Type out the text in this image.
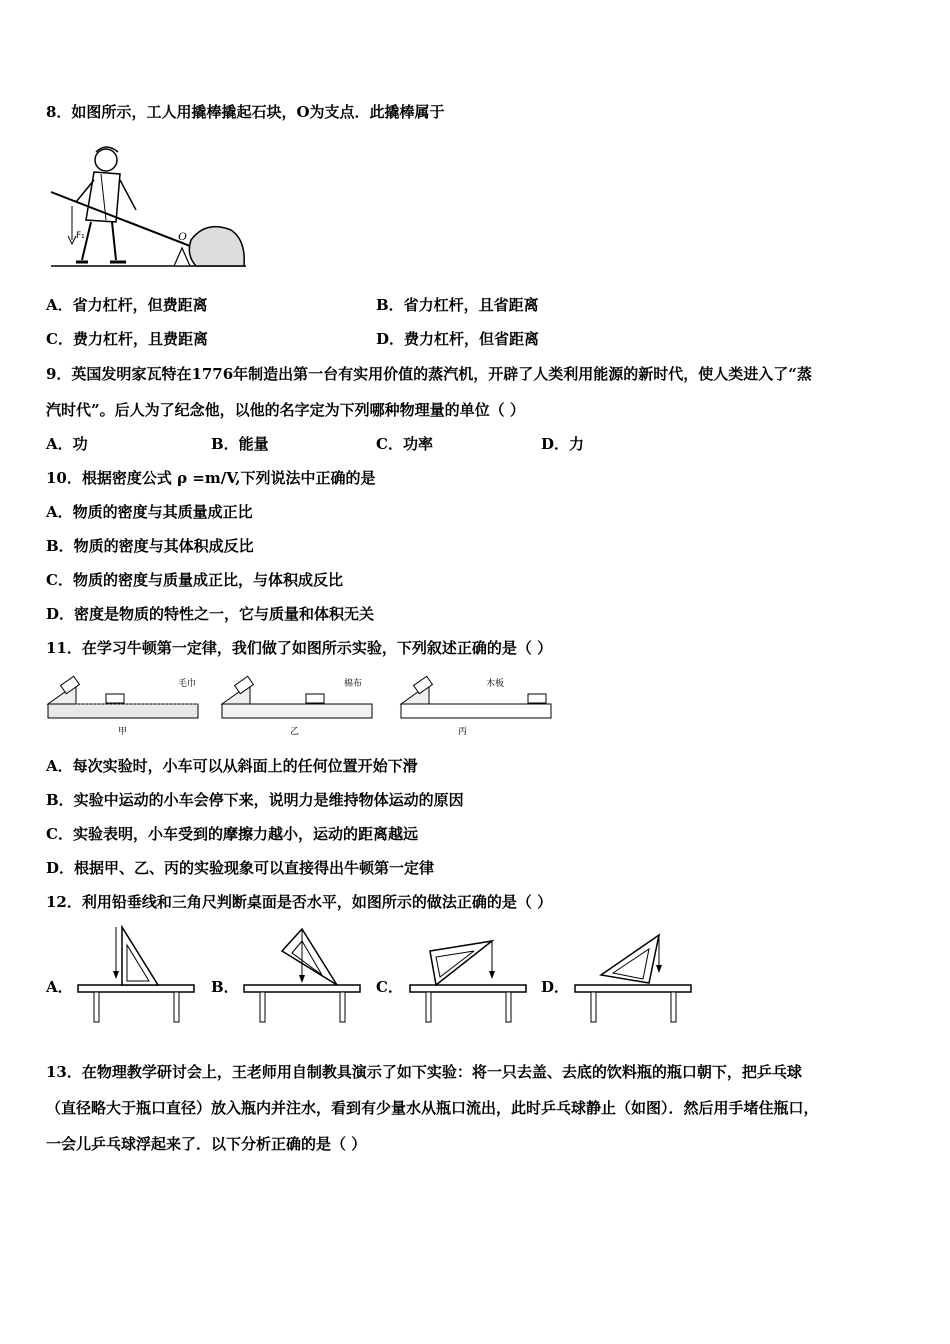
8．如图所示，工人用撬棒撬起石块，O为支点．此撬棒属于
F₁	O
A．省力杠杆，但费距离	B．省力杠杆，且省距离
C．费力杠杆，且费距离	D．费力杠杆，但省距离
9．英国发明家瓦特在1776年制造出第一台有实用价值的蒸汽机，开辟了人类利用能源的新时代，使人类进入了“蒸
汽时代”。后人为了纪念他，以他的名字定为下列哪种物理量的单位（ ）
A．功	B．能量	C．功率	D．力
10．根据密度公式 ρ =m/V,下列说法中正确的是
A．物质的密度与其质量成正比
B．物质的密度与其体积成反比
C．物质的密度与质量成正比，与体积成反比
D．密度是物质的特性之一，它与质量和体积无关
11．在学习牛顿第一定律，我们做了如图所示实验，下列叙述正确的是（ ）
毛巾
甲
棉布
乙
木板
丙
A．每次实验时，小车可以从斜面上的任何位置开始下滑
B．实验中运动的小车会停下来，说明力是维持物体运动的原因
C．实验表明，小车受到的摩擦力越小，运动的距离越远
D．根据甲、乙、丙的实验现象可以直接得出牛顿第一定律
12．利用铅垂线和三角尺判断桌面是否水平，如图所示的做法正确的是（ ）
A．	B．	C．	D．
13．在物理教学研讨会上，王老师用自制教具演示了如下实验：将一只去盖、去底的饮料瓶的瓶口朝下，把乒乓球
（直径略大于瓶口直径）放入瓶内并注水，看到有少量水从瓶口流出，此时乒乓球静止（如图）．然后用手堵住瓶口，
一会儿乒乓球浮起来了．以下分析正确的是（ ）
